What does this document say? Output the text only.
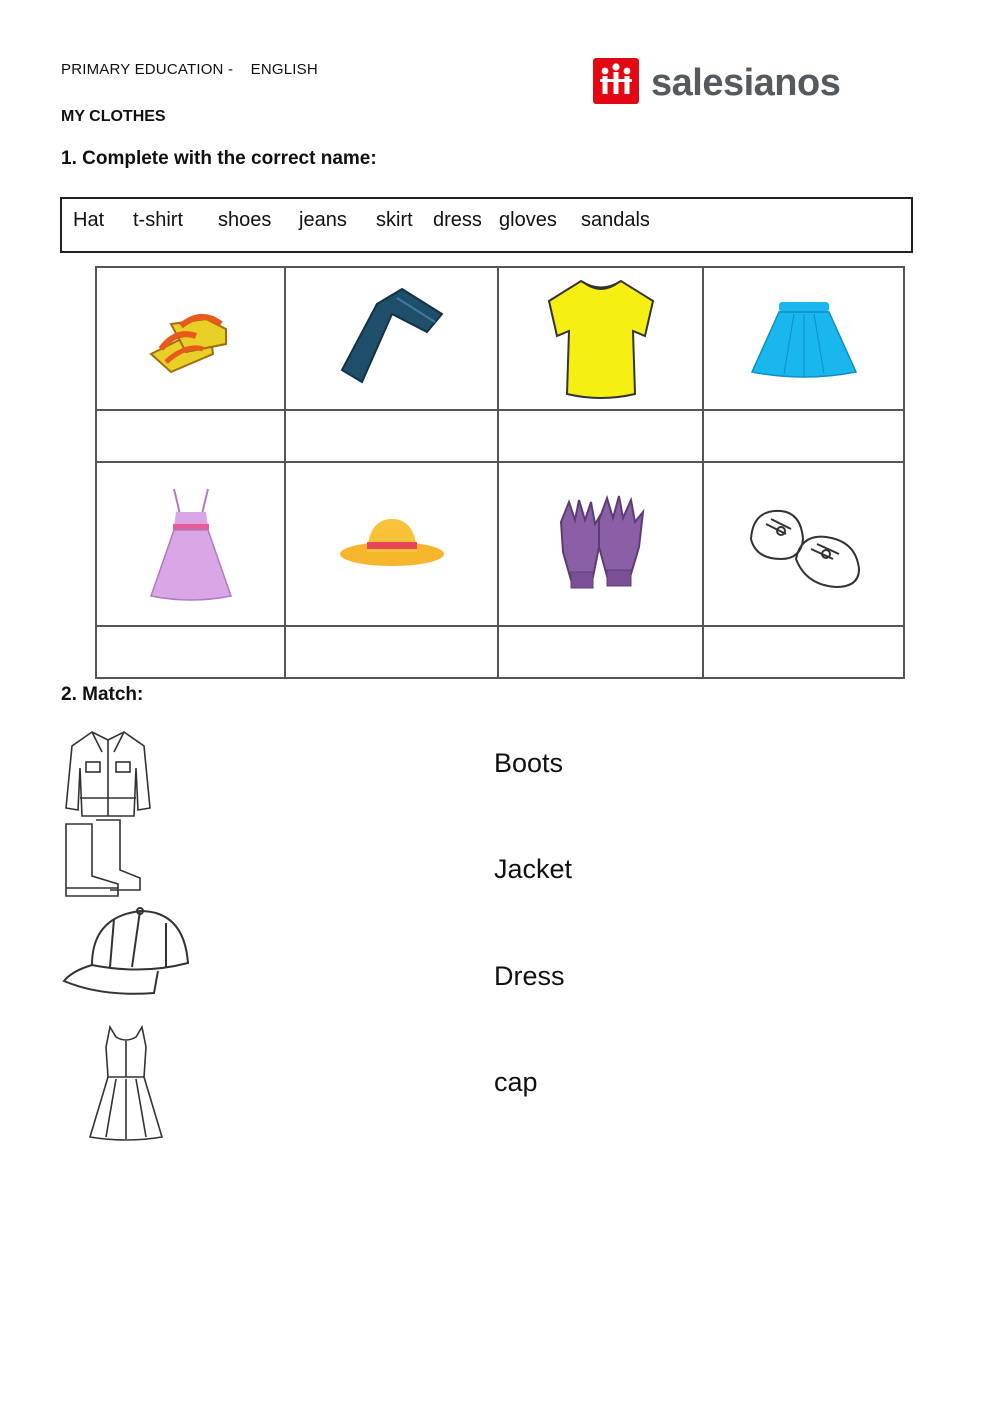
PRIMARY EDUCATION -    ENGLISH
MY CLOTHES
salesianos
1. Complete with the correct name:
Hat t-shirt shoes jeans skirt dress gloves sandals

2. Match:
Boots
Jacket
Dress
cap
